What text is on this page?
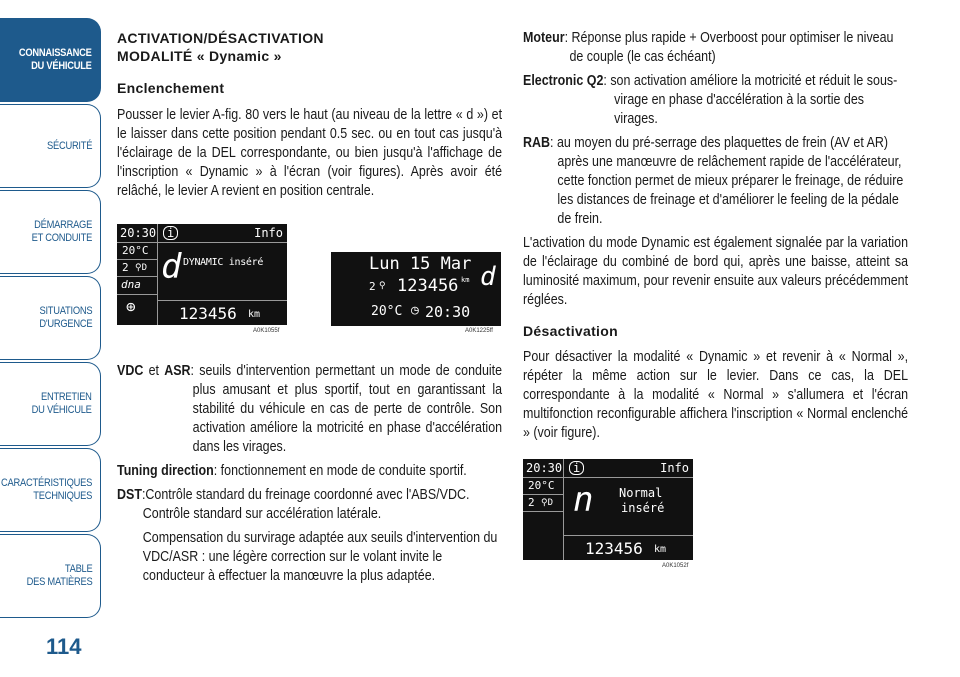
CONNAISSANCE
DU VÉHICULE
SÉCURITÉ
DÉMARRAGE
ET CONDUITE
SITUATIONS
D'URGENCE
ENTRETIEN
DU VÉHICULE
CARACTÉRISTIQUES
TECHNIQUES
TABLE
DES MATIÈRES
114

ACTIVATION/DÉSACTIVATION

MODALITÉ « Dynamic »

Enclenchement

Pousser le levier A-fig. 80 vers le haut (au niveau de la lettre « d ») et le laisser dans cette position pendant 0.5 sec. ou en tout cas jusqu'à l'éclairage de la DEL correspondante, ou bien jusqu'à l'affichage de l'inscription « Dynamic » à l'écran (voir figures). Après avoir été relâché, le levier A revient en position centrale.

20:30 i	Info
20°C
2 ⚲D d DYNAMIC inséré
dna
⊕	123456 km
A0K1055f
Lun 15 Mar
2 ⚲ 123456 km d
20°C ◷ 20:30
A0K1225ff

VDC et ASR: seuils d'intervention permettant un mode de conduite plus amusant et plus sportif, tout en garantissant la stabilité du véhicule en cas de perte de contrôle. Son activation améliore la motricité en phase d'accélération dans les virages.

Tuning direction: fonctionnement en mode de conduite sportif.

DST:Contrôle standard du freinage coordonné avec l'ABS/VDC. Contrôle standard sur accélération latérale.

Compensation du survirage adaptée aux seuils d'intervention du VDC/ASR : une légère correction sur le volant invite le conducteur à effectuer la manœuvre la plus adaptée.

Moteur: Réponse plus rapide + Overboost pour optimiser le niveau de couple (le cas échéant)

Electronic Q2: son activation améliore la motricité et réduit le sous-virage en phase d'accélération à la sortie des virages.

RAB: au moyen du pré-serrage des plaquettes de frein (AV et AR) après une manœuvre de relâchement rapide de l'accélérateur, cette fonction permet de mieux préparer le freinage, de réduire les distances de freinage et d'améliorer le feeling de la pédale de frein.

L'activation du mode Dynamic est également signalée par la variation de l'éclairage du combiné de bord qui, après une baisse, atteint sa luminosité maximum, pour revenir ensuite aux valeurs précédemment réglées.

Désactivation

Pour désactiver la modalité « Dynamic » et revenir à « Normal », répéter la même action sur le levier. Dans ce cas, la DEL correspondante à la modalité « Normal » s'allumera et l'écran multifonction reconfigurable affichera l'inscription « Normal enclenché » (voir figure).

20:30 i	Info
20°C
2 ⚲D n Normal
inséré
123456 km
A0K1052f
